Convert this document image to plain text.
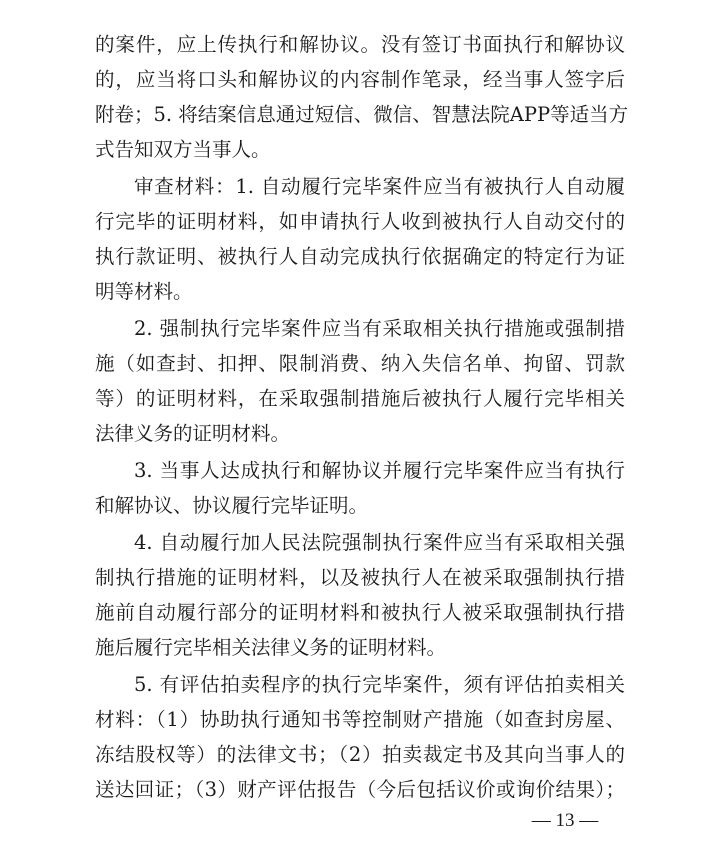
的案件，应上传执行和解协议。没有签订书面执行和解协议
的，应当将口头和解协议的内容制作笔录，经当事人签字后
附卷；5. 将结案信息通过短信、微信、智慧法院APP等适当方
式告知双方当事人。
审查材料：1. 自动履行完毕案件应当有被执行人自动履
行完毕的证明材料，如申请执行人收到被执行人自动交付的
执行款证明、被执行人自动完成执行依据确定的特定行为证
明等材料。
2. 强制执行完毕案件应当有采取相关执行措施或强制措
施（如查封、扣押、限制消费、纳入失信名单、拘留、罚款
等）的证明材料，在采取强制措施后被执行人履行完毕相关
法律义务的证明材料。
3. 当事人达成执行和解协议并履行完毕案件应当有执行
和解协议、协议履行完毕证明。
4. 自动履行加人民法院强制执行案件应当有采取相关强
制执行措施的证明材料，以及被执行人在被采取强制执行措
施前自动履行部分的证明材料和被执行人被采取强制执行措
施后履行完毕相关法律义务的证明材料。
5. 有评估拍卖程序的执行完毕案件，须有评估拍卖相关
材料：（1）协助执行通知书等控制财产措施（如查封房屋、
冻结股权等）的法律文书；（2）拍卖裁定书及其向当事人的
送达回证；（3）财产评估报告（今后包括议价或询价结果）；
— 13 —
